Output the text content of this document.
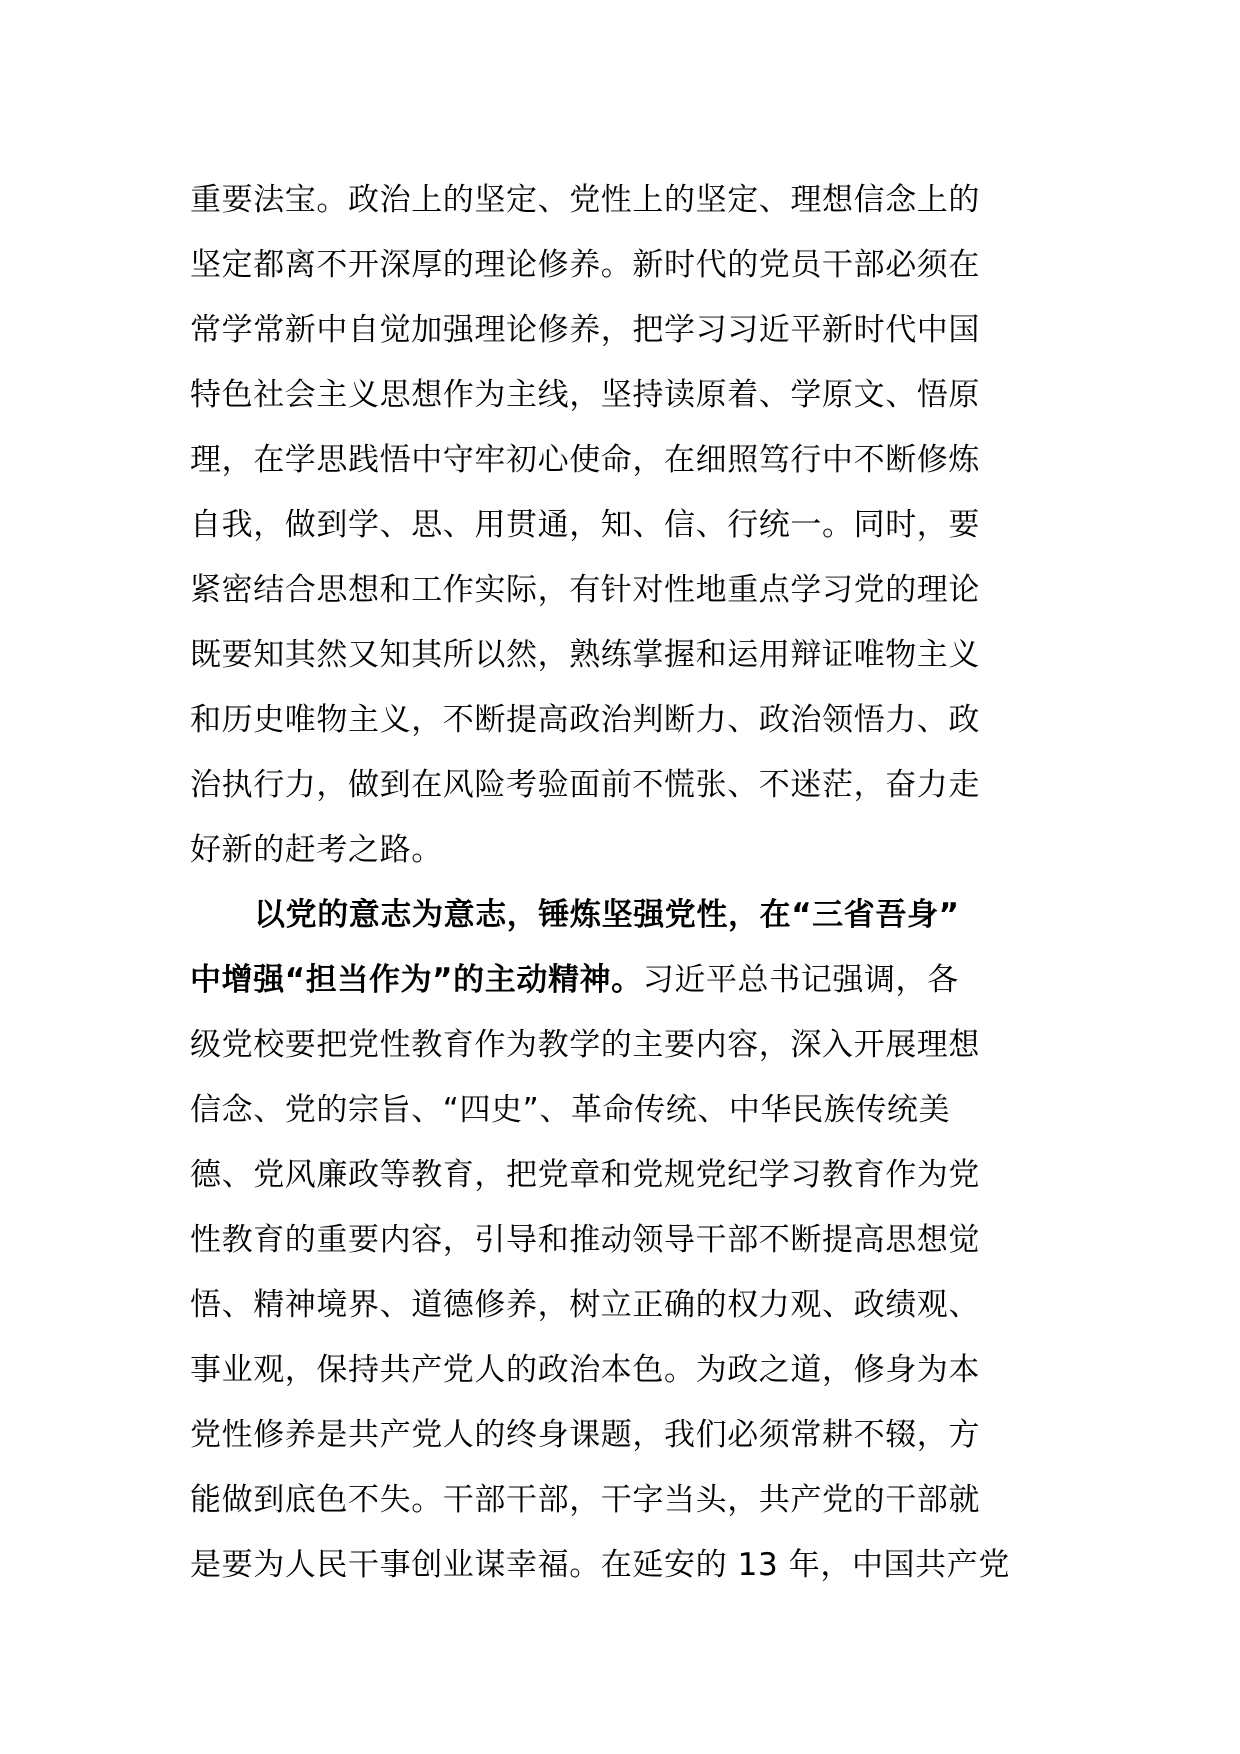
重要法宝。政治上的坚定、党性上的坚定、理想信念上的
坚定都离不开深厚的理论修养。新时代的党员干部必须在
常学常新中自觉加强理论修养，把学习习近平新时代中国
特色社会主义思想作为主线，坚持读原着、学原文、悟原
理，在学思践悟中守牢初心使命，在细照笃行中不断修炼
自我，做到学、思、用贯通，知、信、行统一。同时，要
紧密结合思想和工作实际，有针对性地重点学习党的理论
既要知其然又知其所以然，熟练掌握和运用辩证唯物主义
和历史唯物主义，不断提高政治判断力、政治领悟力、政
治执行力，做到在风险考验面前不慌张、不迷茫，奋力走
好新的赶考之路。
以党的意志为意志，锤炼坚强党性，在“三省吾身”
中增强“担当作为”的主动精神。习近平总书记强调，各
级党校要把党性教育作为教学的主要内容，深入开展理想
信念、党的宗旨、“四史”、革命传统、中华民族传统美
德、党风廉政等教育，把党章和党规党纪学习教育作为党
性教育的重要内容，引导和推动领导干部不断提高思想觉
悟、精神境界、道德修养，树立正确的权力观、政绩观、
事业观，保持共产党人的政治本色。为政之道，修身为本
党性修养是共产党人的终身课题，我们必须常耕不辍，方
能做到底色不失。干部干部，干字当头，共产党的干部就
是要为人民干事创业谋幸福。在延安的 13 年，中国共产党
